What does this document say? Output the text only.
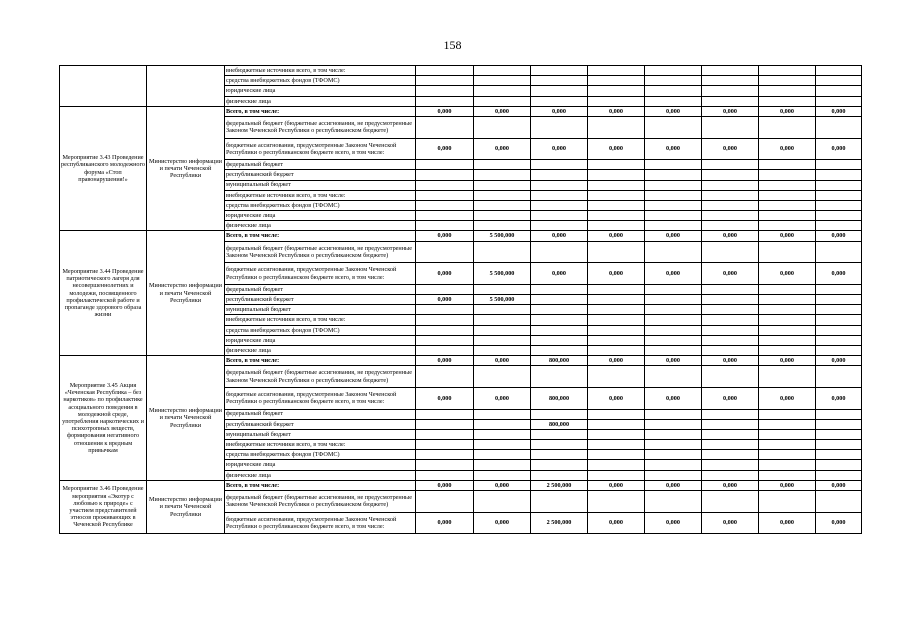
158
		внебюджетные источники всего, в том числе:								
		средства внебюджетных фондов (ТФОМС)								
		юридические лица								
		физические лица								
Мероприятие 3.43 Проведение республиканского молодежного форума «Стоп правонарушения!»	Министерство информации и печати Чеченской Республики	Всего, в том числе:	0,000	0,000	0,000	0,000	0,000	0,000	0,000	0,000
		федеральный бюджет (бюджетные ассигнования, не предусмотренные Законом Чеченской Республики о республиканском бюджете)								
		бюджетные ассигнования, предусмотренные Законом Чеченской Республики о республиканском бюджете всего, в том числе:	0,000	0,000	0,000	0,000	0,000	0,000	0,000	0,000
		федеральный бюджет								
		республиканский бюджет								
		муниципальный бюджет								
		внебюджетные источники всего, в том числе:								
		средства внебюджетных фондов (ТФОМС)								
		юридические лица								
		физические лица								
Мероприятие 3.44 Проведение патриотического лагеря для несовершеннолетних и молодежи, посвященного профилактической работе и пропаганде здорового образа жизни	Министерство информации и печати Чеченской Республики	Всего, в том числе:	0,000	5 500,000	0,000	0,000	0,000	0,000	0,000	0,000
		федеральный бюджет (бюджетные ассигнования, не предусмотренные Законом Чеченской Республики о республиканском бюджете)								
		бюджетные ассигнования, предусмотренные Законом Чеченской Республики о республиканском бюджете всего, в том числе:	0,000	5 500,000	0,000	0,000	0,000	0,000	0,000	0,000
		федеральный бюджет								
		республиканский бюджет	0,000	5 500,000						
		муниципальный бюджет								
		внебюджетные источники всего, в том числе:								
		средства внебюджетных фондов (ТФОМС)								
		юридические лица								
		физические лица								
Мероприятие 3.45 Акция «Чеченская Республика – без наркотиков» по профилактике асоциального поведения в молодежной среде, употребления наркотических и психотропных веществ, формирования негативного отношения к вредным привычкам	Министерство информации и печати Чеченской Республики	Всего, в том числе:	0,000	0,000	800,000	0,000	0,000	0,000	0,000	0,000
		федеральный бюджет (бюджетные ассигнования, не предусмотренные Законом Чеченской Республики о республиканском бюджете)								
		бюджетные ассигнования, предусмотренные Законом Чеченской Республики о республиканском бюджете всего, в том числе:	0,000	0,000	800,000	0,000	0,000	0,000	0,000	0,000
		федеральный бюджет								
		республиканский бюджет			800,000					
		муниципальный бюджет								
		внебюджетные источники всего, в том числе:								
		средства внебюджетных фондов (ТФОМС)								
		юридические лица								
		физические лица								
Мероприятие 3.46 Проведение мероприятия «Экотур с любовью к природе» с участием представителей этносов проживающих в Чеченской Республике	Министерство информации и печати Чеченской Республики	Всего, в том числе:	0,000	0,000	2 500,000	0,000	0,000	0,000	0,000	0,000
		федеральный бюджет (бюджетные ассигнования, не предусмотренные Законом Чеченской Республики о республиканском бюджете)								
		бюджетные ассигнования, предусмотренные Законом Чеченской Республики о республиканском бюджете всего, в том числе:	0,000	0,000	2 500,000	0,000	0,000	0,000	0,000	0,000
